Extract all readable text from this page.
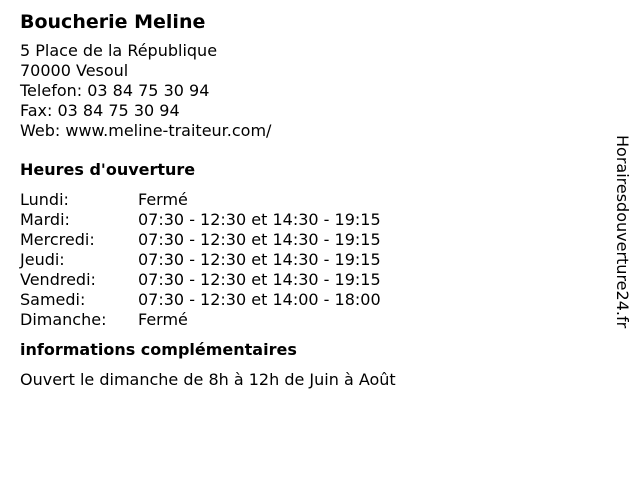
Boucherie Meline
5 Place de la République
70000 Vesoul
Telefon: 03 84 75 30 94
Fax: 03 84 75 30 94
Web: www.meline-traiteur.com/
Heures d'ouverture
Lundi:	Fermé
Mardi:	07:30 - 12:30 et 14:30 - 19:15
Mercredi:	07:30 - 12:30 et 14:30 - 19:15
Jeudi:	07:30 - 12:30 et 14:30 - 19:15
Vendredi:	07:30 - 12:30 et 14:30 - 19:15
Samedi:	07:30 - 12:30 et 14:00 - 18:00
Dimanche:	Fermé
informations complémentaires
Ouvert le dimanche de 8h à 12h de Juin à Août
Horairesdouverture24.fr
